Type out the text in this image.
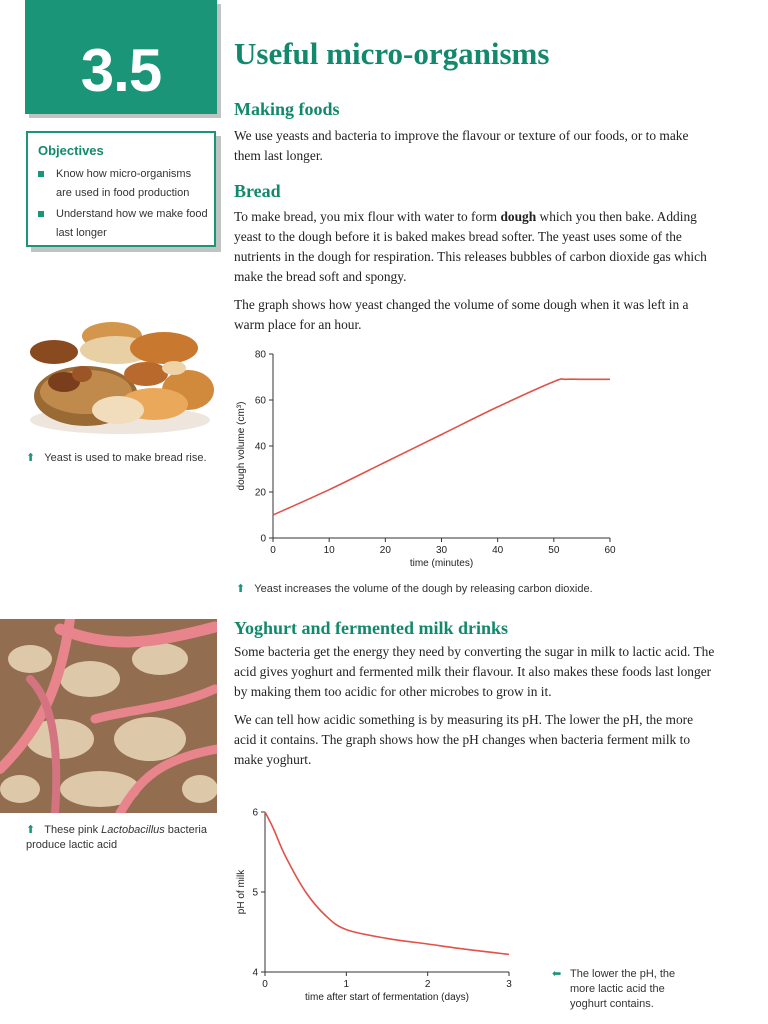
3.5	Useful micro-organisms
Objectives
Know how micro-organisms are used in food production
Understand how we make food last longer
Making foods

We use yeasts and bacteria to improve the flavour or texture of our foods, or to make them last longer.

Bread

To make bread, you mix flour with water to form dough which you then bake. Adding yeast to the dough before it is baked makes bread softer. The yeast uses some of the nutrients in the dough for respiration. This releases bubbles of carbon dioxide gas which make the bread soft and spongy.

The graph shows how yeast changed the volume of some dough when it was left in a warm place for an hour.

⬆ Yeast is used to make bread rise.
0	10	20	30	40	50	60
0
20
40
60
80
time (minutes)
dough volume (cm³)
⬆ Yeast increases the volume of the dough by releasing carbon dioxide.
⬆ These pink Lactobacillus bacteria produce lactic acid
Yoghurt and fermented milk drinks

Some bacteria get the energy they need by converting the sugar in milk to lactic acid. The acid gives yoghurt and fermented milk their flavour. It also makes these foods last longer by making them too acidic for other microbes to grow in it.

We can tell how acidic something is by measuring its pH. The lower the pH, the more acid it contains. The graph shows how the pH changes when bacteria ferment milk to make yoghurt.

0	1	2	3
4
5
6
time after start of fermentation (days)
pH of milk
⬅ The lower the pH, the more lactic acid the yoghurt contains.
